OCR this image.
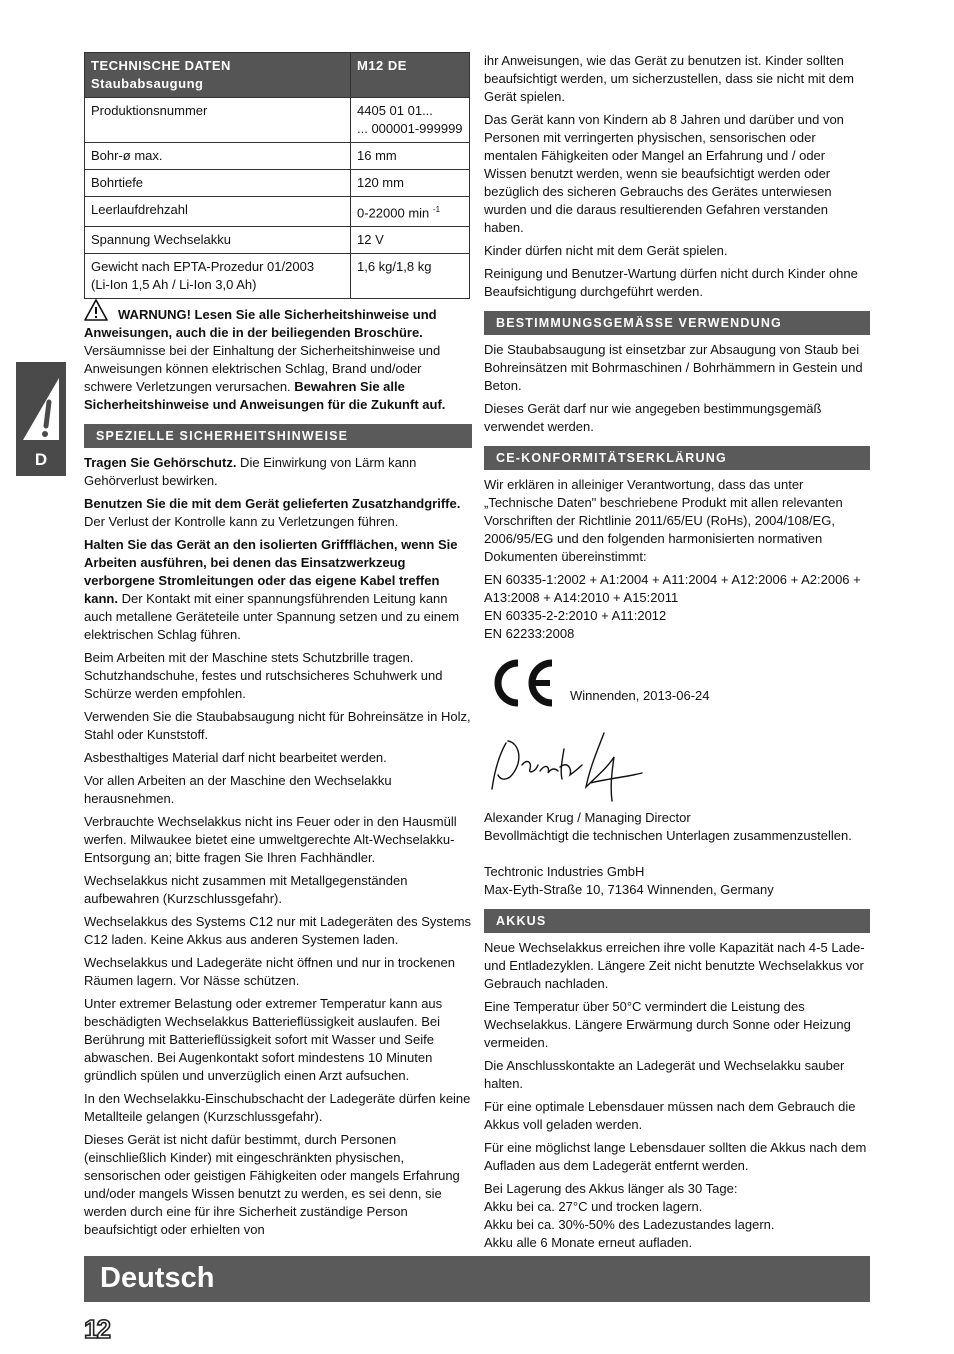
D
TECHNISCHE DATEN
Staubabsaugung	M12 DE
Produktionsnummer	4405 01 01...
... 000001-999999

Bohr-ø max.	16 mm
Bohrtiefe	120 mm
Leerlaufdrehzahl	0-22000 min $^{-1}$
Spannung Wechselakku	12 V

Gewicht nach EPTA-Prozedur 01/2003
(Li-Ion 1,5 Ah / Li-Ion 3,0 Ah)	1,6 kg/1,8 kg

WARNUNG! Lesen Sie alle Sicherheitshinweise und Anweisungen, auch die in der beiliegenden Broschüre. Versäumnisse bei der Einhaltung der Sicherheitshinweise und Anweisungen können elektrischen Schlag, Brand und/oder schwere Verletzungen verursachen. Bewahren Sie alle Sicherheitshinweise und Anweisungen für die Zukunft auf.

SPEZIELLE SICHERHEITSHINWEISE

Tragen Sie Gehörschutz. Die Einwirkung von Lärm kann Gehörverlust bewirken.

Benutzen Sie die mit dem Gerät gelieferten Zusatzhandgriffe. Der Verlust der Kontrolle kann zu Verletzungen führen.

Halten Sie das Gerät an den isolierten Griffflächen, wenn Sie Arbeiten ausführen, bei denen das Einsatzwerkzeug verborgene Stromleitungen oder das eigene Kabel treffen kann. Der Kontakt mit einer spannungsführenden Leitung kann auch metallene Geräteteile unter Spannung setzen und zu einem elektrischen Schlag führen.

Beim Arbeiten mit der Maschine stets Schutzbrille tragen. Schutzhandschuhe, festes und rutschsicheres Schuhwerk und Schürze werden empfohlen.

Verwenden Sie die Staubabsaugung nicht für Bohreinsätze in Holz, Stahl oder Kunststoff.

Asbesthaltiges Material darf nicht bearbeitet werden.

Vor allen Arbeiten an der Maschine den Wechselakku herausnehmen.

Verbrauchte Wechselakkus nicht ins Feuer oder in den Hausmüll werfen. Milwaukee bietet eine umweltgerechte Alt-Wechselakku-Entsorgung an; bitte fragen Sie Ihren Fachhändler.

Wechselakkus nicht zusammen mit Metallgegenständen aufbewahren (Kurzschlussgefahr).

Wechselakkus des Systems C12 nur mit Ladegeräten des Systems C12 laden. Keine Akkus aus anderen Systemen laden.

Wechselakkus und Ladegeräte nicht öffnen und nur in trockenen Räumen lagern. Vor Nässe schützen.

Unter extremer Belastung oder extremer Temperatur kann aus beschädigten Wechselakkus Batterieflüssigkeit auslaufen. Bei Berührung mit Batterieflüssigkeit sofort mit Wasser und Seife abwaschen. Bei Augenkontakt sofort mindestens 10 Minuten gründlich spülen und unverzüglich einen Arzt aufsuchen.

In den Wechselakku-Einschubschacht der Ladegeräte dürfen keine Metallteile gelangen (Kurzschlussgefahr).

Dieses Gerät ist nicht dafür bestimmt, durch Personen (einschließlich Kinder) mit eingeschränkten physischen, sensorischen oder geistigen Fähigkeiten oder mangels Erfahrung und/oder mangels Wissen benutzt zu werden, es sei denn, sie werden durch eine für ihre Sicherheit zuständige Person beaufsichtigt oder erhielten von

ihr Anweisungen, wie das Gerät zu benutzen ist. Kinder sollten beaufsichtigt werden, um sicherzustellen, dass sie nicht mit dem Gerät spielen.

Das Gerät kann von Kindern ab 8 Jahren und darüber und von Personen mit verringerten physischen, sensorischen oder mentalen Fähigkeiten oder Mangel an Erfahrung und / oder Wissen benutzt werden, wenn sie beaufsichtigt werden oder bezüglich des sicheren Gebrauchs des Gerätes unterwiesen wurden und die daraus resultierenden Gefahren verstanden haben.

Kinder dürfen nicht mit dem Gerät spielen.

Reinigung und Benutzer-Wartung dürfen nicht durch Kinder ohne Beaufsichtigung durchgeführt werden.

BESTIMMUNGSGEMÄSSE VERWENDUNG

Die Staubabsaugung ist einsetzbar zur Absaugung von Staub bei Bohreinsätzen mit Bohrmaschinen / Bohrhämmern in Gestein und Beton.

Dieses Gerät darf nur wie angegeben bestimmungsgemäß verwendet werden.

CE-KONFORMITÄTSERKLÄRUNG

Wir erklären in alleiniger Verantwortung, dass das unter „Technische Daten" beschriebene Produkt mit allen relevanten Vorschriften der Richtlinie 2011/65/EU (RoHs), 2004/108/EG, 2006/95/EG und den folgenden harmonisierten normativen Dokumenten übereinstimmt:

EN 60335-1:2002 + A1:2004 + A11:2004 + A12:2006 + A2:2006 +

A13:2008 + A14:2010 + A15:2011

EN 60335-2-2:2010 + A11:2012

EN 62233:2008

Winnenden, 2013-06-24

Alexander Krug / Managing Director

Bevollmächtigt die technischen Unterlagen zusammenzustellen.

Techtronic Industries GmbH

Max-Eyth-Straße 10, 71364 Winnenden, Germany

AKKUS

Neue Wechselakkus erreichen ihre volle Kapazität nach 4-5 Lade- und Entladezyklen. Längere Zeit nicht benutzte Wechselakkus vor Gebrauch nachladen.

Eine Temperatur über 50°C vermindert die Leistung des Wechselakkus. Längere Erwärmung durch Sonne oder Heizung vermeiden.

Die Anschlusskontakte an Ladegerät und Wechselakku sauber halten.

Für eine optimale Lebensdauer müssen nach dem Gebrauch die Akkus voll geladen werden.

Für eine möglichst lange Lebensdauer sollten die Akkus nach dem Aufladen aus dem Ladegerät entfernt werden.

Bei Lagerung des Akkus länger als 30 Tage:

Akku bei ca. 27°C und trocken lagern.

Akku bei ca. 30%-50% des Ladezustandes lagern.

Akku alle 6 Monate erneut aufladen.

Deutsch
12
